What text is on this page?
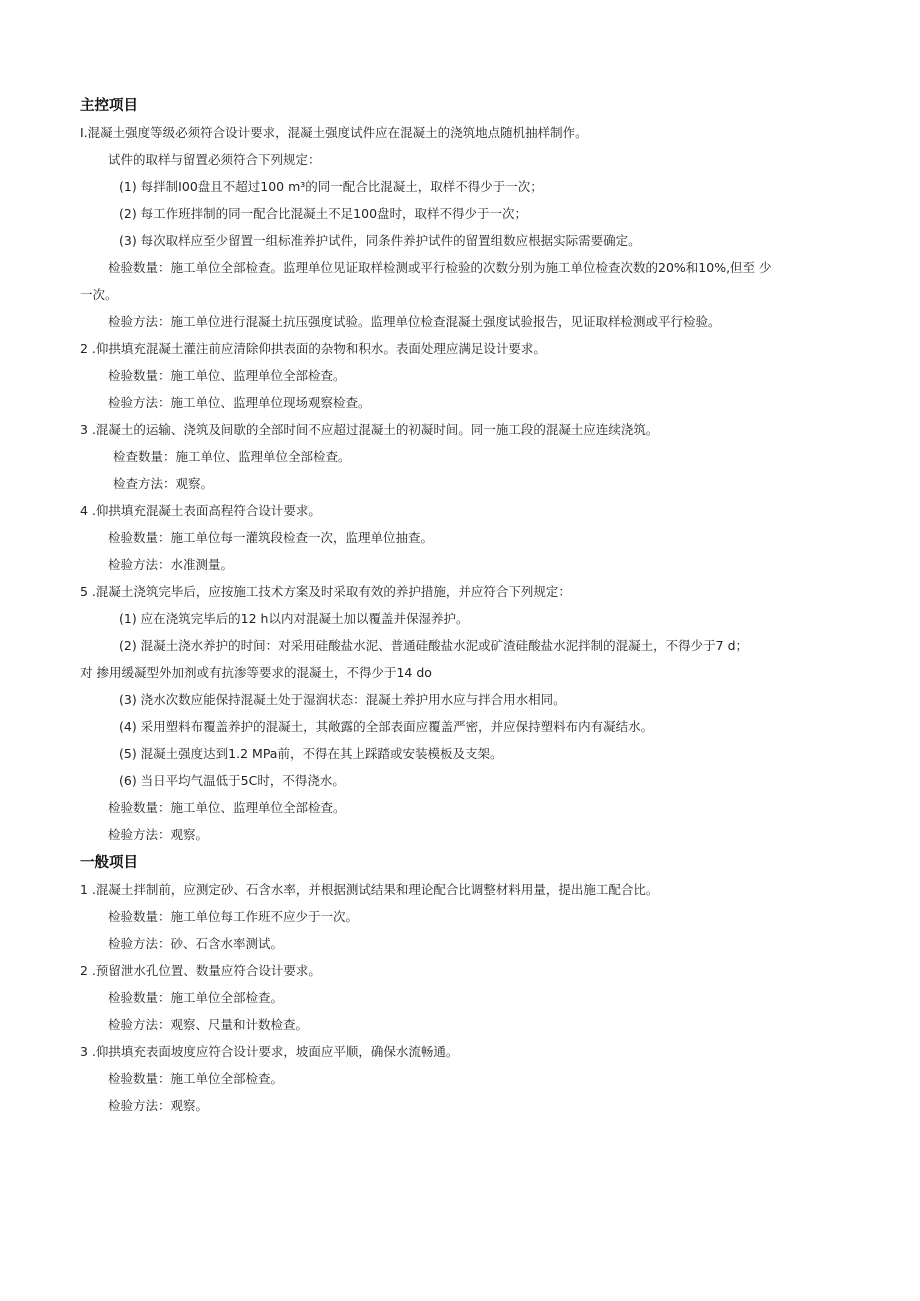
主控项目

I.混凝土强度等级必须符合设计要求，混凝土强度试件应在混凝土的浇筑地点随机抽样制作。

试件的取样与留置必须符合下列规定：

(1) 每拌制I00盘且不超过100 m³的同一配合比混凝土，取样不得少于一次；

(2) 每工作班拌制的同一配合比混凝土不足100盘时，取样不得少于一次；

(3) 每次取样应至少留置一组标准养护试件，同条件养护试件的留置组数应根据实际需要确定。

检验数量：施工单位全部检查。监理单位见证取样检测或平行检验的次数分别为施工单位检查次数的20%和10%,但至 少

一次。

检验方法：施工单位进行混凝土抗压强度试验。监理单位检查混凝土强度试验报告，见证取样检测或平行检验。

2 .仰拱填充混凝土灌注前应清除仰拱表面的杂物和积水。表面处理应满足设计要求。

检验数量：施工单位、监理单位全部检查。

检验方法：施工单位、监理单位现场观察检查。

3 .混凝土的运输、浇筑及间歇的全部时间不应超过混凝土的初凝时间。同一施工段的混凝土应连续浇筑。

检查数量：施工单位、监理单位全部检查。

检查方法：观察。

4 .仰拱填充混凝土表面高程符合设计要求。

检验数量：施工单位每一灌筑段检查一次，监理单位抽查。

检验方法：水准测量。

5 .混凝土浇筑完毕后，应按施工技术方案及时采取有效的养护措施，并应符合下列规定：

(1) 应在浇筑完毕后的12 h以内对混凝土加以覆盖并保湿养护。

(2) 混凝土浇水养护的时间：对采用硅酸盐水泥、普通硅酸盐水泥或矿渣硅酸盐水泥拌制的混凝土，不得少于7 d；

对 掺用缓凝型外加剂或有抗渗等要求的混凝土，不得少于14 do

(3) 浇水次数应能保持混凝土处于湿润状态：混凝土养护用水应与拌合用水相同。

(4) 采用塑料布覆盖养护的混凝土，其敞露的全部表面应覆盖严密，并应保持塑料布内有凝结水。

(5) 混凝土强度达到1.2 MPa前，不得在其上踩踏或安装模板及支架。

(6) 当日平均气温低于5C时，不得浇水。

检验数量：施工单位、监理单位全部检查。

检验方法：观察。

一般项目

1 .混凝土拌制前，应测定砂、石含水率，并根据测试结果和理论配合比调整材料用量，提出施工配合比。

检验数量：施工单位每工作班不应少于一次。

检验方法：砂、石含水率测试。

2 .预留泄水孔位置、数量应符合设计要求。

检验数量：施工单位全部检查。

检验方法：观察、尺量和计数检查。

3 .仰拱填充表面坡度应符合设计要求，坡面应平顺，确保水流畅通。

检验数量：施工单位全部检查。

检验方法：观察。
